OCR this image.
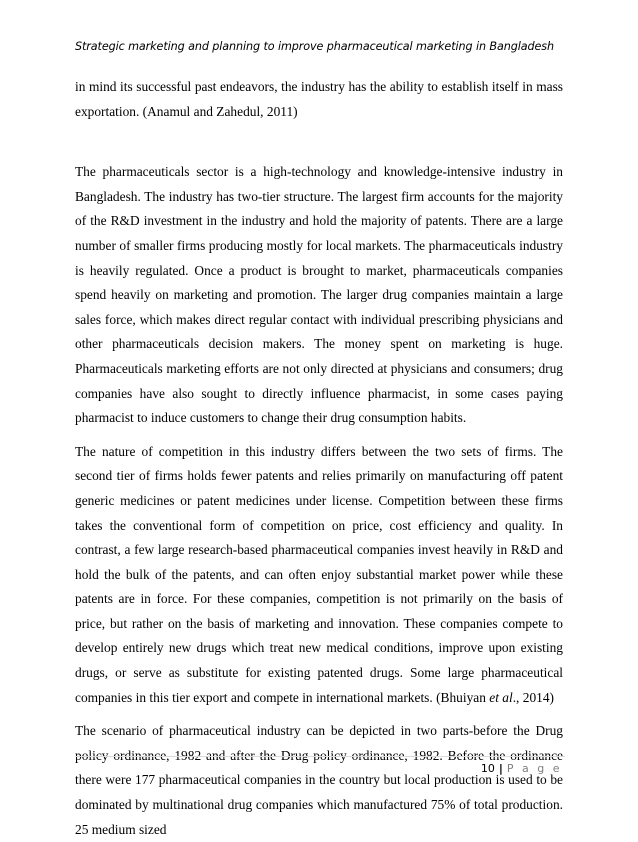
Strategic marketing and planning to improve pharmaceutical marketing in Bangladesh

in mind its successful past endeavors, the industry has the ability to establish itself in mass exportation. (Anamul and Zahedul, 2011)

The pharmaceuticals sector is a high-technology and knowledge-intensive industry in Bangladesh. The industry has two-tier structure. The largest firm accounts for the majority of the R&D investment in the industry and hold the majority of patents. There are a large number of smaller firms producing mostly for local markets. The pharmaceuticals industry is heavily regulated. Once a product is brought to market, pharmaceuticals companies spend heavily on marketing and promotion. The larger drug companies maintain a large sales force, which makes direct regular contact with individual prescribing physicians and other pharmaceuticals decision makers. The money spent on marketing is huge. Pharmaceuticals marketing efforts are not only directed at physicians and consumers; drug companies have also sought to directly influence pharmacist, in some cases paying pharmacist to induce customers to change their drug consumption habits.

The nature of competition in this industry differs between the two sets of firms. The second tier of firms holds fewer patents and relies primarily on manufacturing off patent generic medicines or patent medicines under license. Competition between these firms takes the conventional form of competition on price, cost efficiency and quality. In contrast, a few large research-based pharmaceutical companies invest heavily in R&D and hold the bulk of the patents, and can often enjoy substantial market power while these patents are in force. For these companies, competition is not primarily on the basis of price, but rather on the basis of marketing and innovation. These companies compete to develop entirely new drugs which treat new medical conditions, improve upon existing drugs, or serve as substitute for existing patented drugs. Some large pharmaceutical companies in this tier export and compete in international markets. (Bhuiyan et al., 2014)

The scenario of pharmaceutical industry can be depicted in two parts-before the Drug policy ordinance, 1982 and after the Drug policy ordinance, 1982. Before the ordinance there were 177 pharmaceutical companies in the country but local production is used to be dominated by multinational drug companies which manufactured 75% of total production. 25 medium sized

10 | P a g e
